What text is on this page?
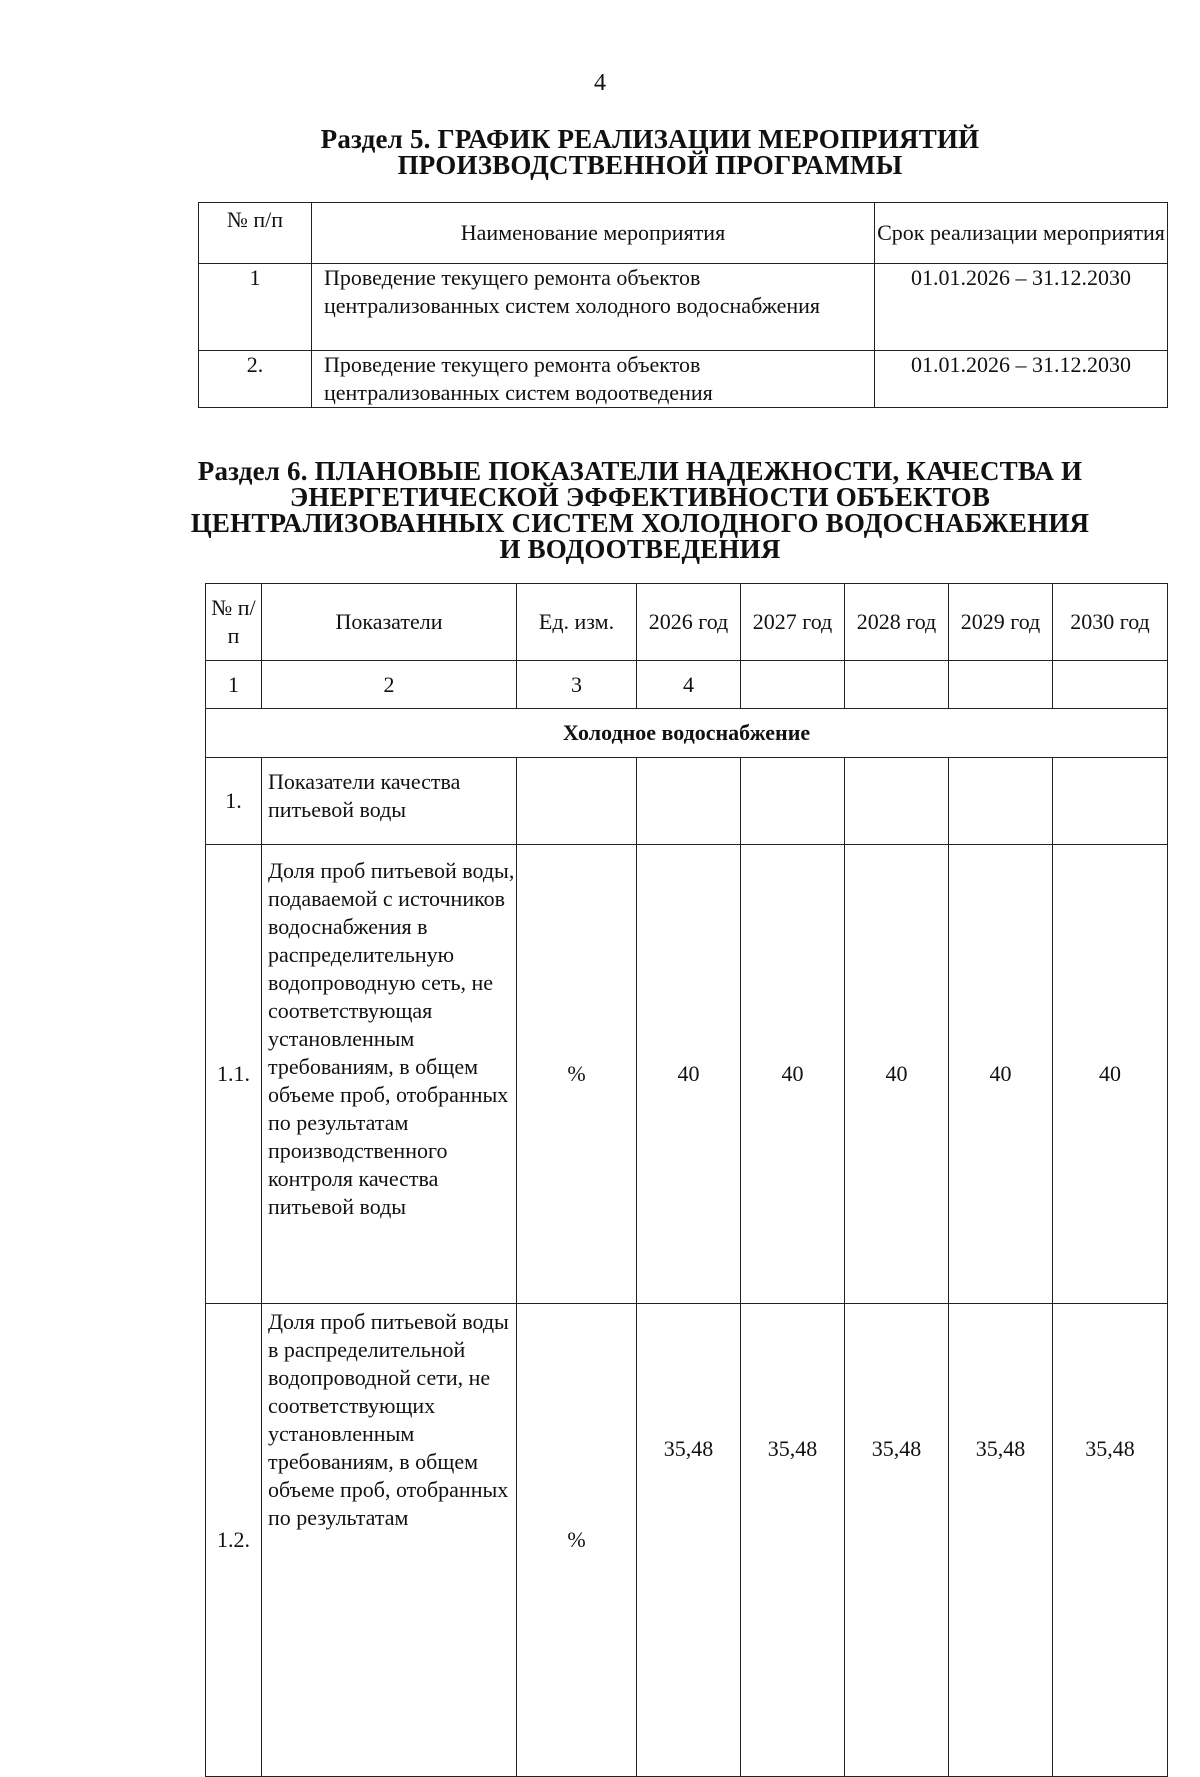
4
Раздел 5. ГРАФИК РЕАЛИЗАЦИИ МЕРОПРИЯТИЙ
ПРОИЗВОДСТВЕННОЙ ПРОГРАММЫ
№ п/п	Наименование мероприятия	Срок реализации мероприятия
1	Проведение текущего ремонта объектов централизованных систем холодного водоснабжения	01.01.2026 – 31.12.2030
2.	Проведение текущего ремонта объектов централизованных систем водоотведения	01.01.2026 – 31.12.2030
Раздел 6. ПЛАНОВЫЕ ПОКАЗАТЕЛИ НАДЕЖНОСТИ, КАЧЕСТВА И
ЭНЕРГЕТИЧЕСКОЙ ЭФФЕКТИВНОСТИ ОБЪЕКТОВ
ЦЕНТРАЛИЗОВАННЫХ СИСТЕМ ХОЛОДНОГО ВОДОСНАБЖЕНИЯ
И ВОДООТВЕДЕНИЯ
№ п/п	Показатели	Ед. изм.	2026 год	2027 год	2028 год	2029 год	2030 год
1	2	3	4				
Холодное водоснабжение							
1.	Показатели качества питьевой воды						
1.1.	Доля проб питьевой воды, подаваемой с источников водоснабжения в распределительную водопроводную сеть, не соответствующая установленным требованиям, в общем объеме проб, отобранных по результатам производственного контроля качества питьевой воды	%	40	40	40	40	40
1.2.	Доля проб питьевой воды в распределительной водопроводной сети, не соответствующих установленным требованиям, в общем объеме проб, отобранных по результатам	%	35,48	35,48	35,48	35,48	35,48
